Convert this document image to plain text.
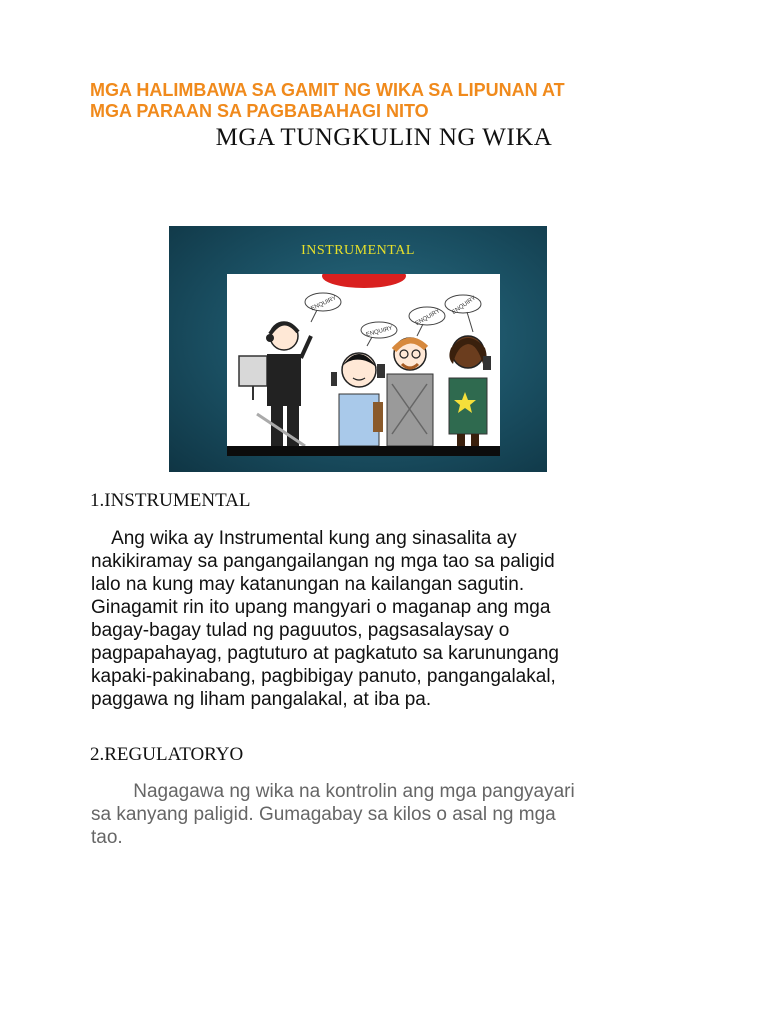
MGA HALIMBAWA SA GAMIT NG WIKA SA LIPUNAN AT
MGA PARAAN SA PAGBABAHAGI NITO
MGA TUNGKULIN NG WIKA
INSTRUMENTAL
ENQUIRY
ENQUIRY
ENQUIRY
ENQUIRY
1.INSTRUMENTAL
Ang wika ay Instrumental kung ang sinasalita ay
nakikiramay sa pangangailangan ng mga tao sa paligid
lalo na kung may katanungan na kailangan sagutin.
Ginagamit rin ito upang mangyari o maganap ang mga
bagay-bagay tulad ng paguutos, pagsasalaysay o
pagpapahayag, pagtuturo at pagkatuto sa karunungang
kapaki-pakinabang, pagbibigay panuto, pangangalakal,
paggawa ng liham pangalakal, at iba pa.
2.REGULATORYO
Nagagawa ng wika na kontrolin ang mga pangyayari
sa kanyang paligid. Gumagabay sa kilos o asal ng mga
tao.
